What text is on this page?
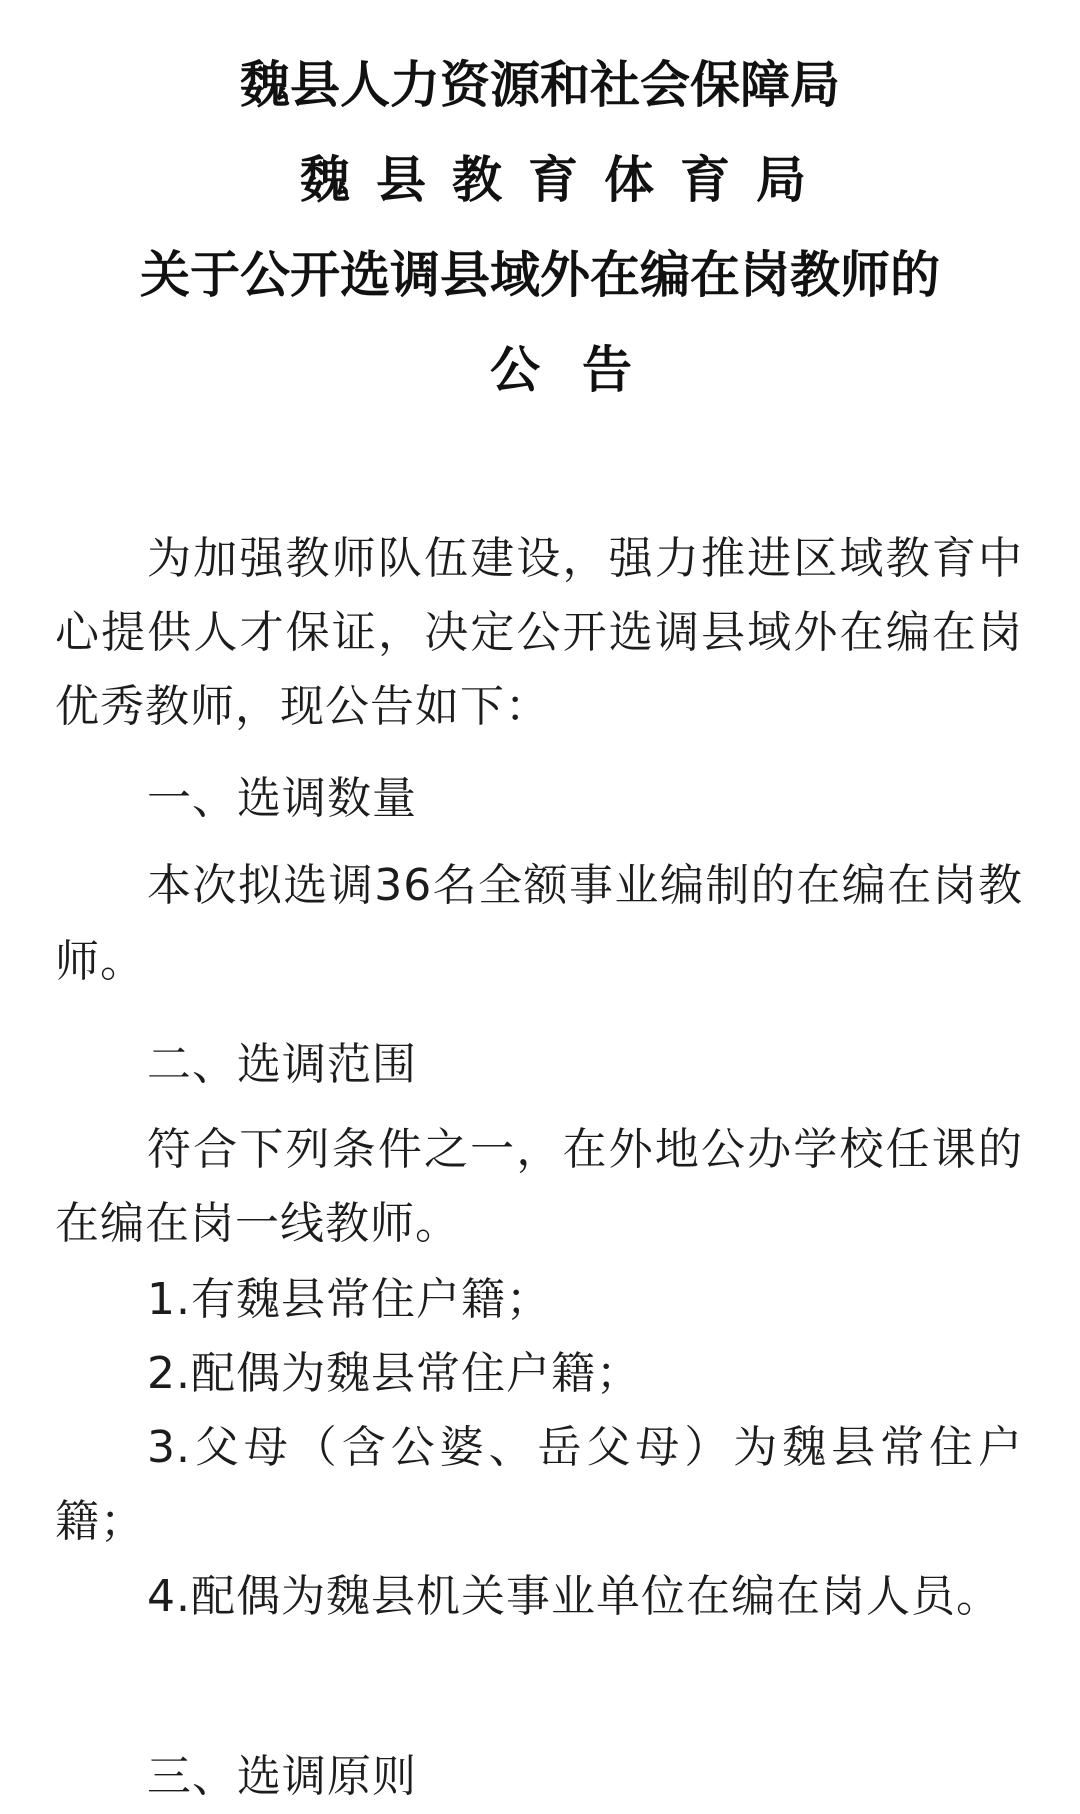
魏县人力资源和社会保障局
魏县教育体育局
关于公开选调县域外在编在岗教师的
公告

为加强教师队伍建设，强力推进区域教育中心提供人才保证，决定公开选调县域外在编在岗优秀教师，现公告如下：

一、选调数量

本次拟选调36名全额事业编制的在编在岗教师。

二、选调范围

符合下列条件之一，在外地公办学校任课的在编在岗一线教师。

1.有魏县常住户籍；

2.配偶为魏县常住户籍；

3.父母（含公婆、岳父母）为魏县常住户籍；

4.配偶为魏县机关事业单位在编在岗人员。

三、选调原则
